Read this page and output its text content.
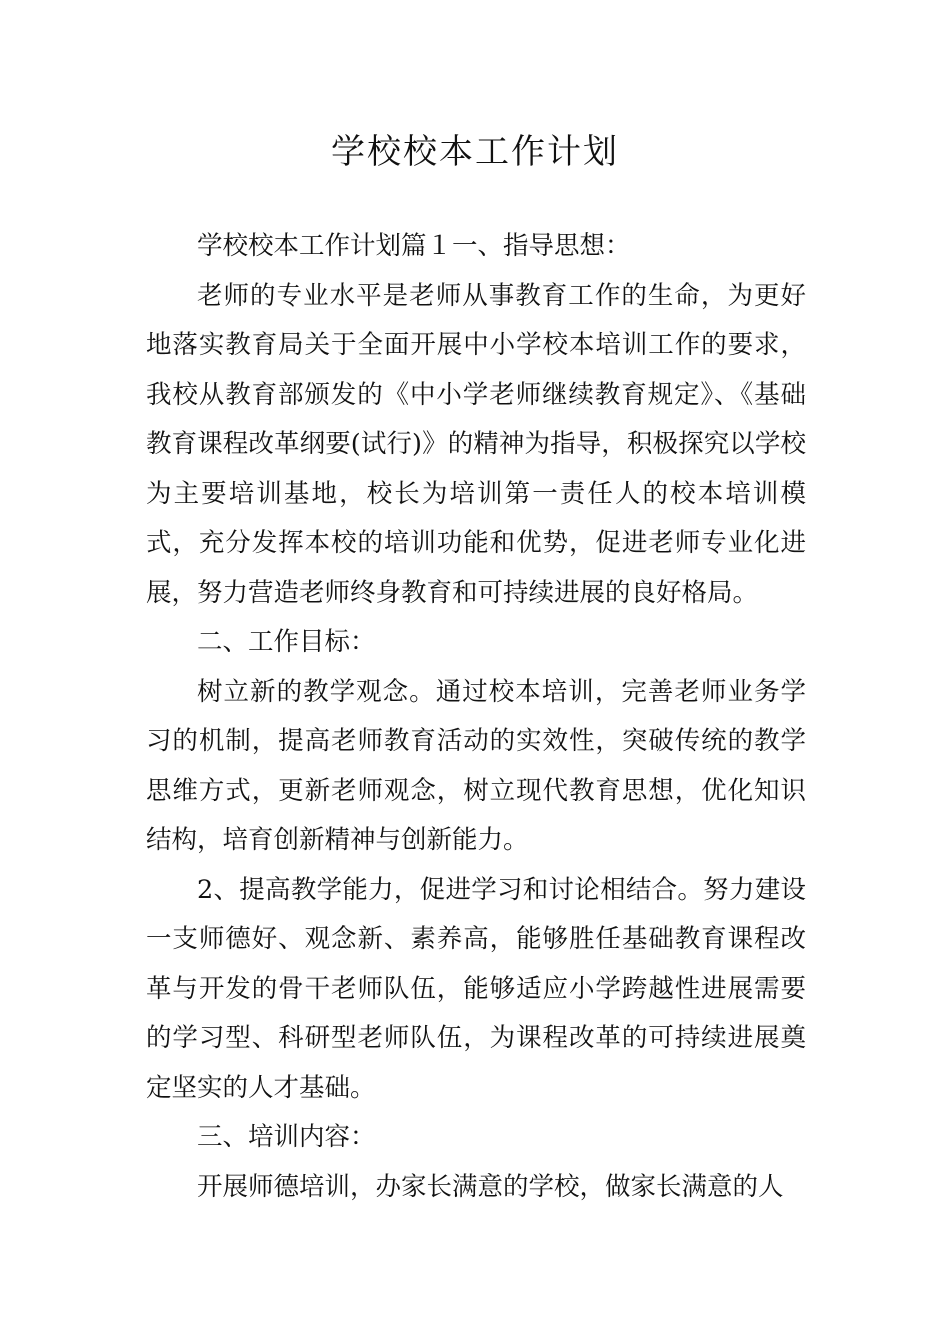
学校校本工作计划

学校校本工作计划篇１一、指导思想：

老师的专业水平是老师从事教育工作的生命，为更好地落实教育局关于全面开展中小学校本培训工作的要求，我校从教育部颁发的《中小学老师继续教育规定》、《基础教育课程改革纲要(试行)》的精神为指导，积极探究以学校为主要培训基地，校长为培训第一责任人的校本培训模式，充分发挥本校的培训功能和优势，促进老师专业化进展，努力营造老师终身教育和可持续进展的良好格局。

二、工作目标：

树立新的教学观念。通过校本培训，完善老师业务学习的机制，提高老师教育活动的实效性，突破传统的教学思维方式，更新老师观念，树立现代教育思想，优化知识结构，培育创新精神与创新能力。

2、提高教学能力，促进学习和讨论相结合。努力建设一支师德好、观念新、素养高，能够胜任基础教育课程改革与开发的骨干老师队伍，能够适应小学跨越性进展需要的学习型、科研型老师队伍，为课程改革的可持续进展奠定坚实的人才基础。

三、培训内容：

开展师德培训，办家长满意的学校，做家长满意的人
